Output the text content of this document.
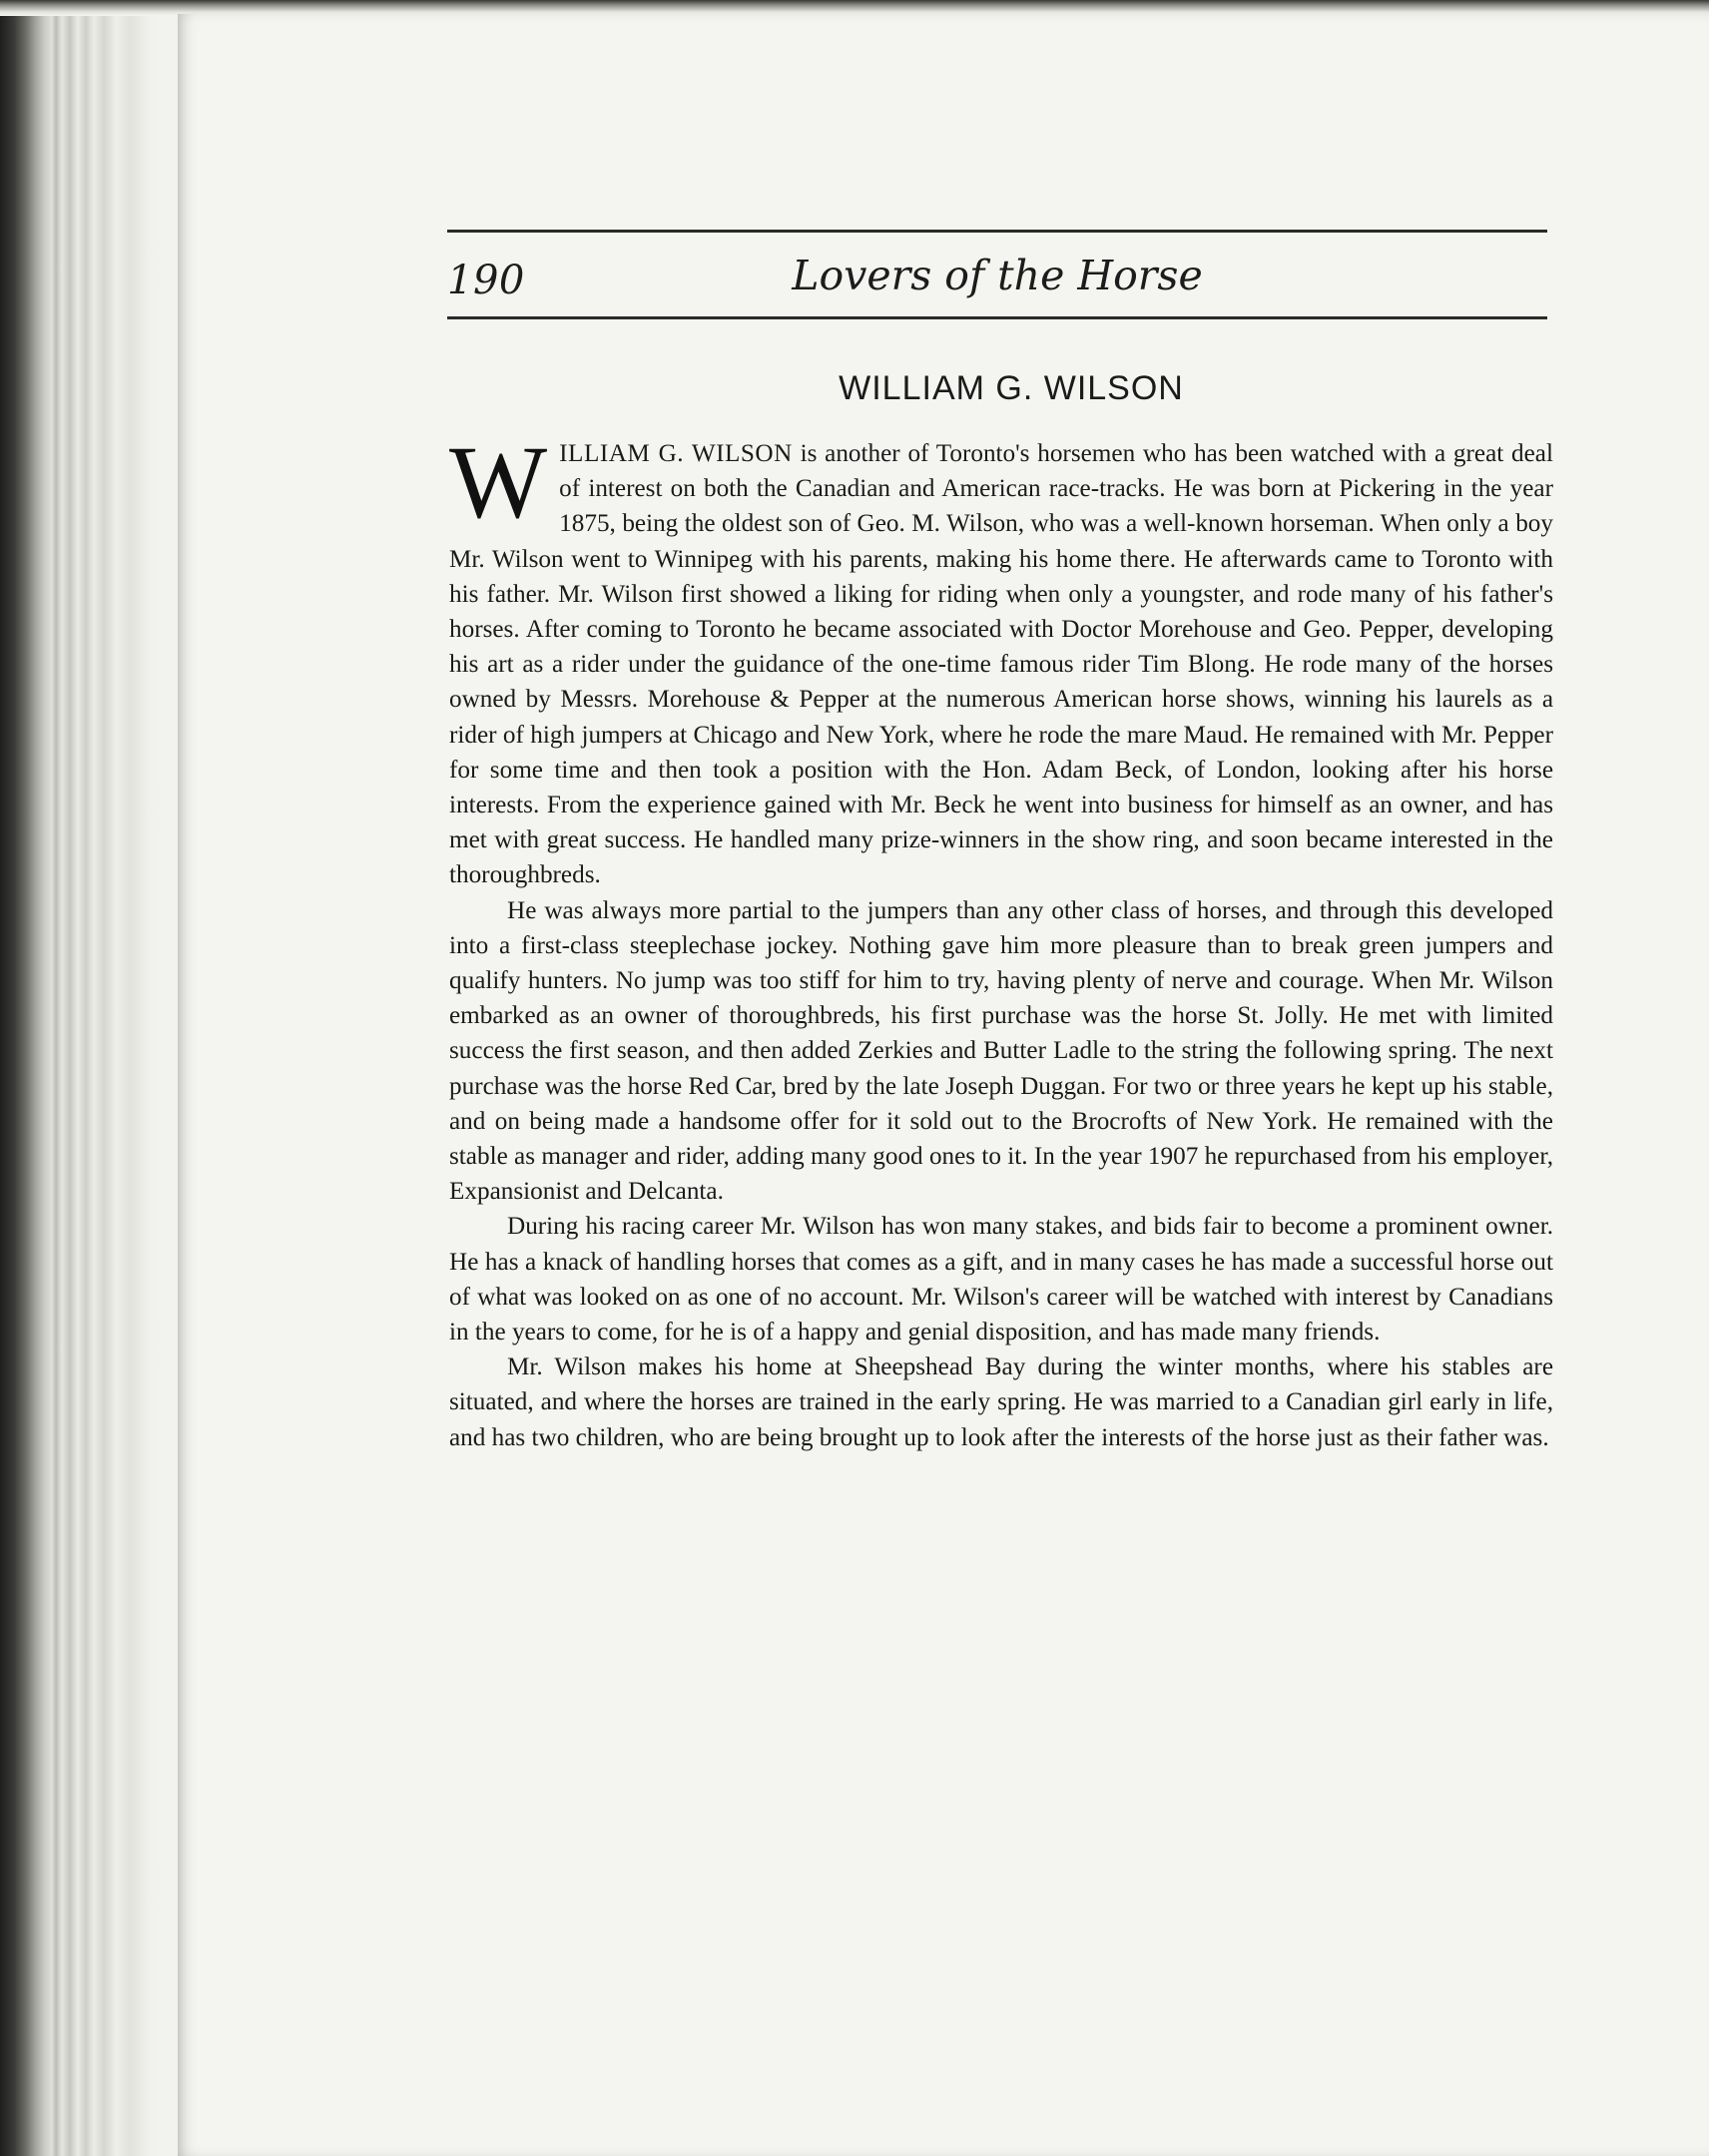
190	Lovers of the Horse
WILLIAM G. WILSON

WILLIAM G. WILSON is another of Toronto's horsemen who has been watched with a great deal of interest on both the Canadian and American race-tracks. He was born at Pickering in the year 1875, being the oldest son of Geo. M. Wilson, who was a well-known horseman. When only a boy Mr. Wilson went to Winnipeg with his parents, making his home there. He afterwards came to Toronto with his father. Mr. Wilson first showed a liking for riding when only a youngster, and rode many of his father's horses. After coming to Toronto he became associated with Doctor Morehouse and Geo. Pepper, developing his art as a rider under the guidance of the one-time famous rider Tim Blong. He rode many of the horses owned by Messrs. Morehouse & Pepper at the numerous American horse shows, winning his laurels as a rider of high jumpers at Chicago and New York, where he rode the mare Maud. He remained with Mr. Pepper for some time and then took a position with the Hon. Adam Beck, of London, looking after his horse interests. From the experience gained with Mr. Beck he went into business for himself as an owner, and has met with great success. He handled many prize-winners in the show ring, and soon became interested in the thoroughbreds.

He was always more partial to the jumpers than any other class of horses, and through this developed into a first-class steeplechase jockey. Nothing gave him more pleasure than to break green jumpers and qualify hunters. No jump was too stiff for him to try, having plenty of nerve and courage. When Mr. Wilson embarked as an owner of thoroughbreds, his first purchase was the horse St. Jolly. He met with limited success the first season, and then added Zerkies and Butter Ladle to the string the following spring. The next purchase was the horse Red Car, bred by the late Joseph Duggan. For two or three years he kept up his stable, and on being made a handsome offer for it sold out to the Brocrofts of New York. He remained with the stable as manager and rider, adding many good ones to it. In the year 1907 he repurchased from his employer, Expansionist and Delcanta.

During his racing career Mr. Wilson has won many stakes, and bids fair to become a prominent owner. He has a knack of handling horses that comes as a gift, and in many cases he has made a successful horse out of what was looked on as one of no account. Mr. Wilson's career will be watched with interest by Canadians in the years to come, for he is of a happy and genial disposition, and has made many friends.

Mr. Wilson makes his home at Sheepshead Bay during the winter months, where his stables are situated, and where the horses are trained in the early spring. He was married to a Canadian girl early in life, and has two children, who are being brought up to look after the interests of the horse just as their father was.
